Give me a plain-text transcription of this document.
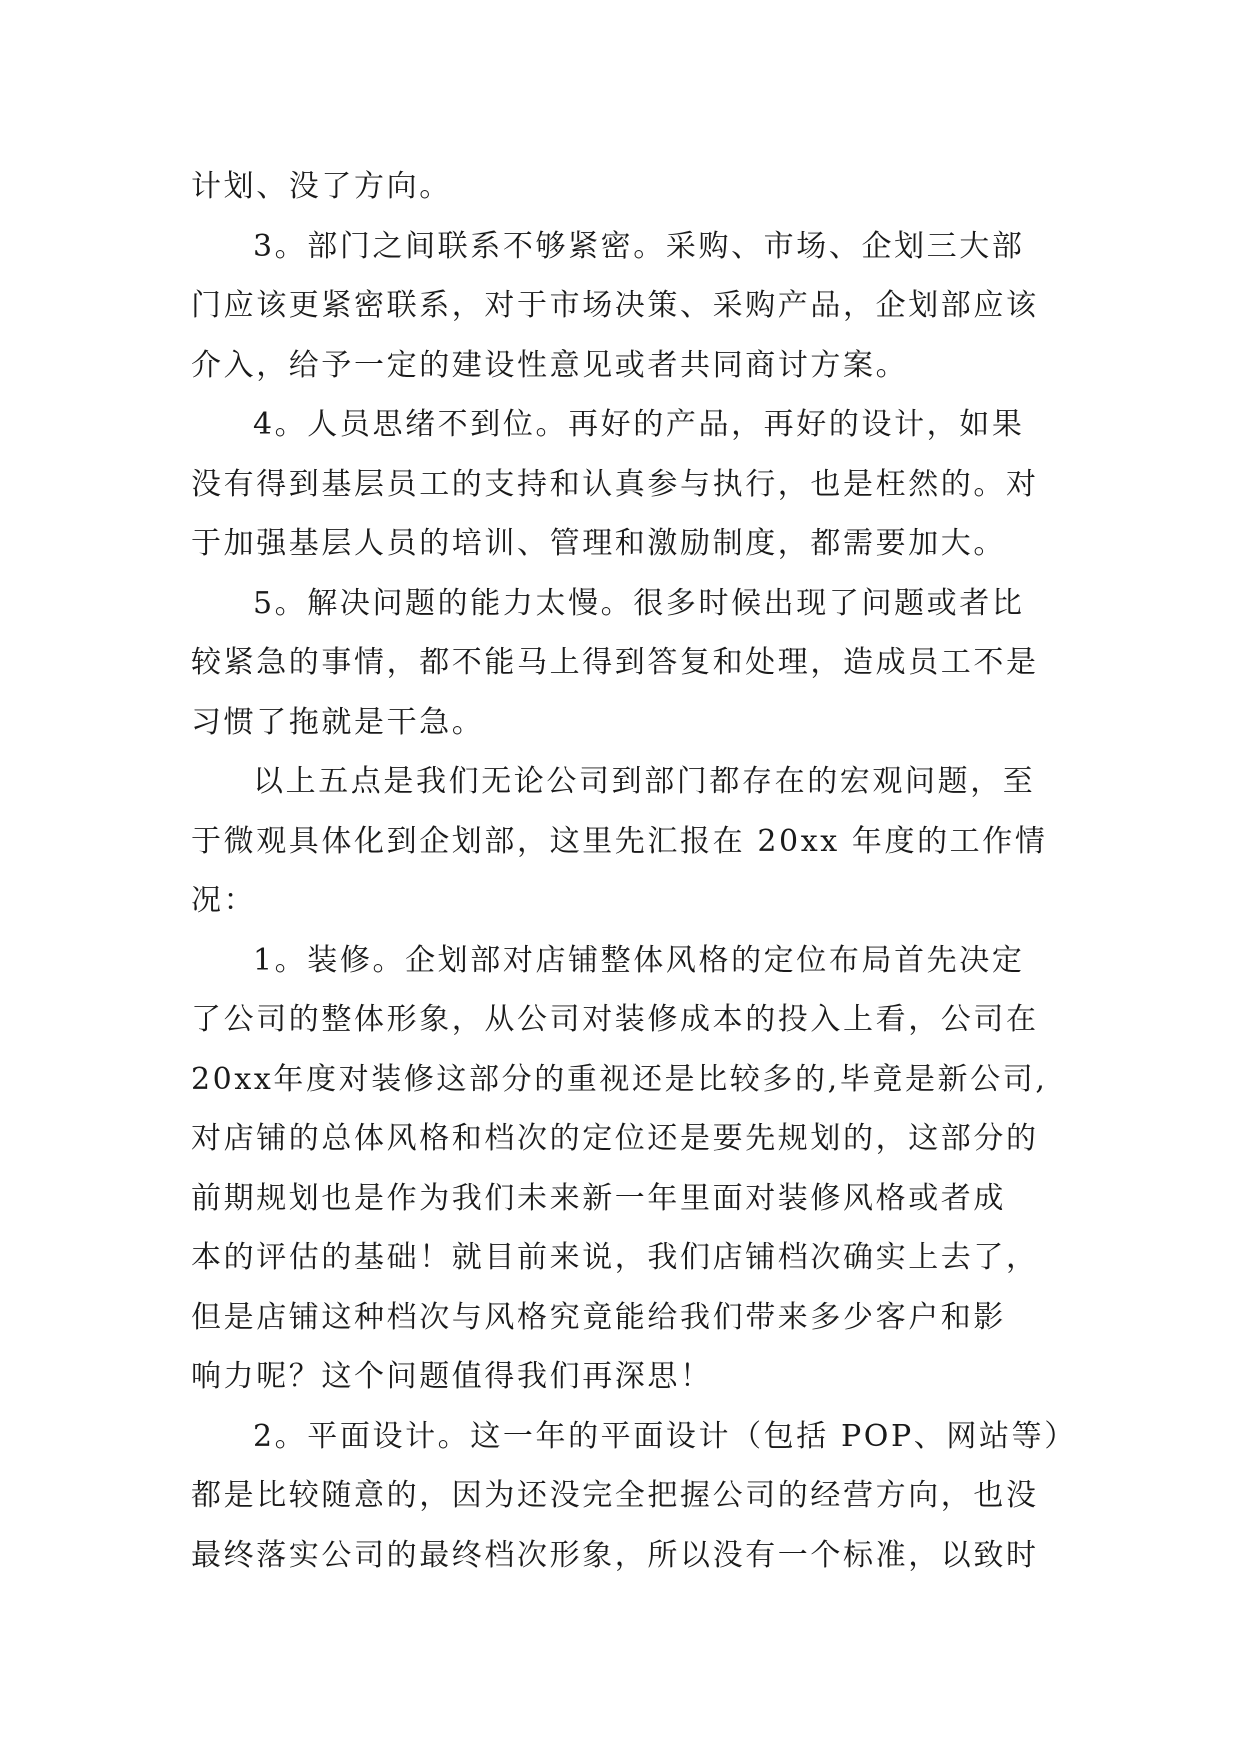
计划、没了方向。
3。部门之间联系不够紧密。采购、市场、企划三大部
门应该更紧密联系，对于市场决策、采购产品，企划部应该
介入，给予一定的建设性意见或者共同商讨方案。
4。人员思绪不到位。再好的产品，再好的设计，如果
没有得到基层员工的支持和认真参与执行，也是枉然的。对
于加强基层人员的培训、管理和激励制度，都需要加大。
5。解决问题的能力太慢。很多时候出现了问题或者比
较紧急的事情，都不能马上得到答复和处理，造成员工不是
习惯了拖就是干急。
以上五点是我们无论公司到部门都存在的宏观问题，至
于微观具体化到企划部，这里先汇报在 20xx 年度的工作情
况：
1。装修。企划部对店铺整体风格的定位布局首先决定
了公司的整体形象，从公司对装修成本的投入上看，公司在
20xx年度对装修这部分的重视还是比较多的,毕竟是新公司,
对店铺的总体风格和档次的定位还是要先规划的，这部分的
前期规划也是作为我们未来新一年里面对装修风格或者成
本的评估的基础！就目前来说，我们店铺档次确实上去了，
但是店铺这种档次与风格究竟能给我们带来多少客户和影
响力呢？这个问题值得我们再深思！
2。平面设计。这一年的平面设计（包括 POP、网站等）
都是比较随意的，因为还没完全把握公司的经营方向，也没
最终落实公司的最终档次形象，所以没有一个标准，以致时
